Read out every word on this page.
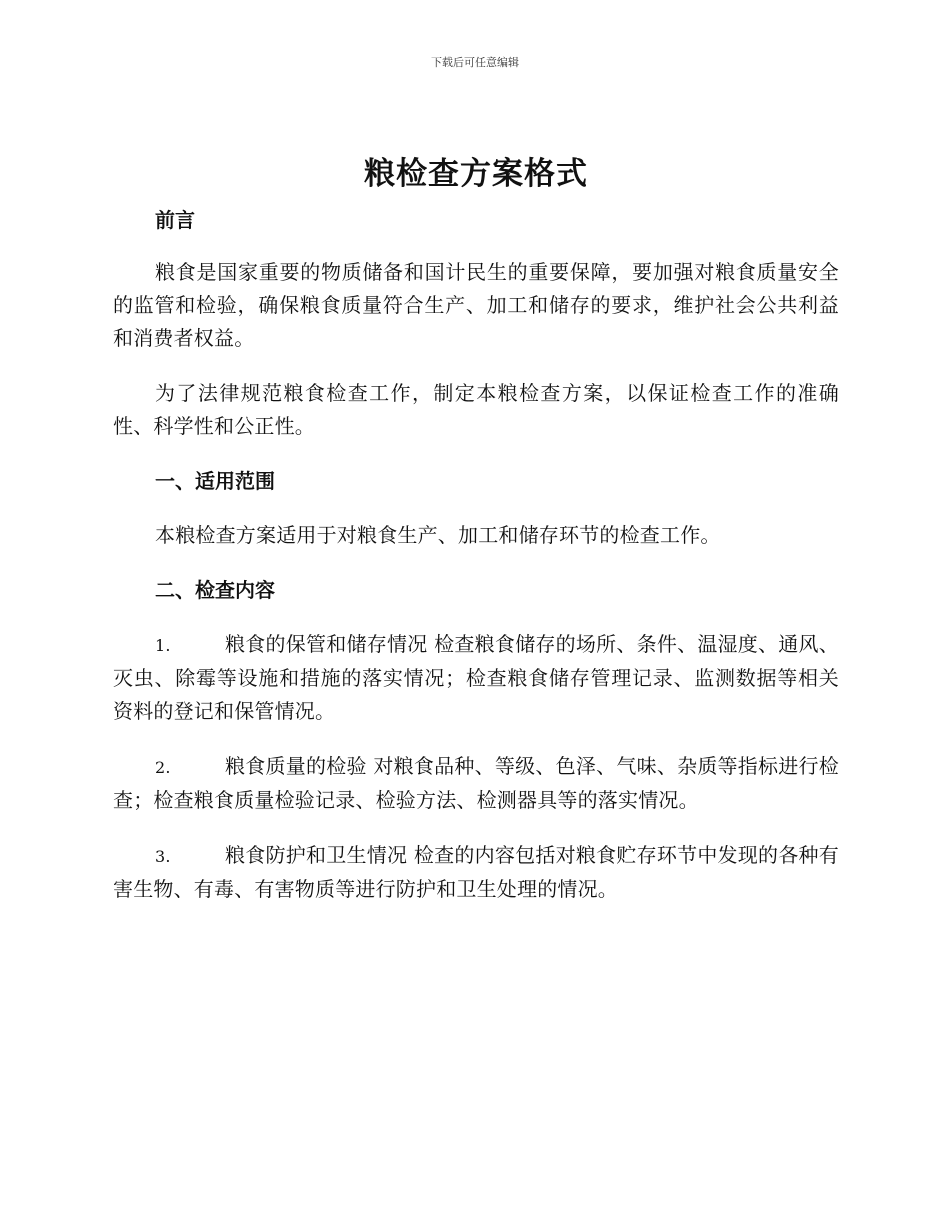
下载后可任意编辑
粮检查方案格式

前言

粮食是国家重要的物质储备和国计民生的重要保障，要加强对粮食质量安全的监管和检验，确保粮食质量符合生产、加工和储存的要求，维护社会公共利益和消费者权益。

为了法律规范粮食检查工作，制定本粮检查方案，以保证检查工作的准确性、科学性和公正性。

一、适用范围

本粮检查方案适用于对粮食生产、加工和储存环节的检查工作。

二、检查内容

1.	粮食的保管和储存情况 检查粮食储存的场所、条件、温湿度、通风、灭虫、除霉等设施和措施的落实情况；检查粮食储存管理记录、监测数据等相关资料的登记和保管情况。

2.	粮食质量的检验 对粮食品种、等级、色泽、气味、杂质等指标进行检查；检查粮食质量检验记录、检验方法、检测器具等的落实情况。

3.	粮食防护和卫生情况 检查的内容包括对粮食贮存环节中发现的各种有害生物、有毒、有害物质等进行防护和卫生处理的情况。
